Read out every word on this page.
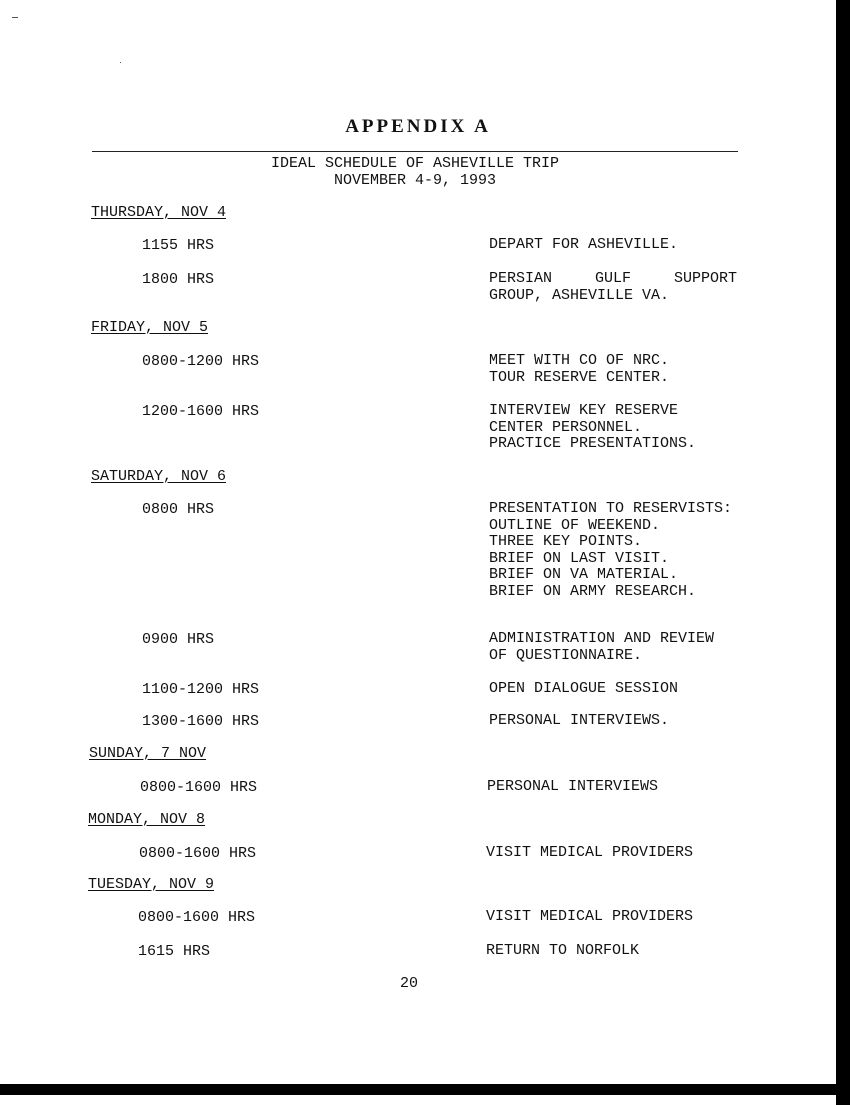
APPENDIX A
IDEAL SCHEDULE OF ASHEVILLE TRIP
NOVEMBER 4-9, 1993
THURSDAY, NOV 4
1155 HRS	DEPART FOR ASHEVILLE.
1800 HRS	PERSIAN GULF SUPPORT
GROUP, ASHEVILLE VA.
FRIDAY, NOV 5
0800-1200 HRS	MEET WITH CO OF NRC.
TOUR RESERVE CENTER.
1200-1600 HRS	INTERVIEW KEY RESERVE
CENTER PERSONNEL.
PRACTICE PRESENTATIONS.
SATURDAY, NOV 6
0800 HRS	PRESENTATION TO RESERVISTS:
OUTLINE OF WEEKEND.
THREE KEY POINTS.
BRIEF ON LAST VISIT.
BRIEF ON VA MATERIAL.
BRIEF ON ARMY RESEARCH.
0900 HRS	ADMINISTRATION AND REVIEW
OF QUESTIONNAIRE.
1100-1200 HRS	OPEN DIALOGUE SESSION
1300-1600 HRS	PERSONAL INTERVIEWS.
SUNDAY, 7 NOV
0800-1600 HRS	PERSONAL INTERVIEWS
MONDAY, NOV 8
0800-1600 HRS	VISIT MEDICAL PROVIDERS
TUESDAY, NOV 9
0800-1600 HRS	VISIT MEDICAL PROVIDERS
1615 HRS	RETURN TO NORFOLK
20
